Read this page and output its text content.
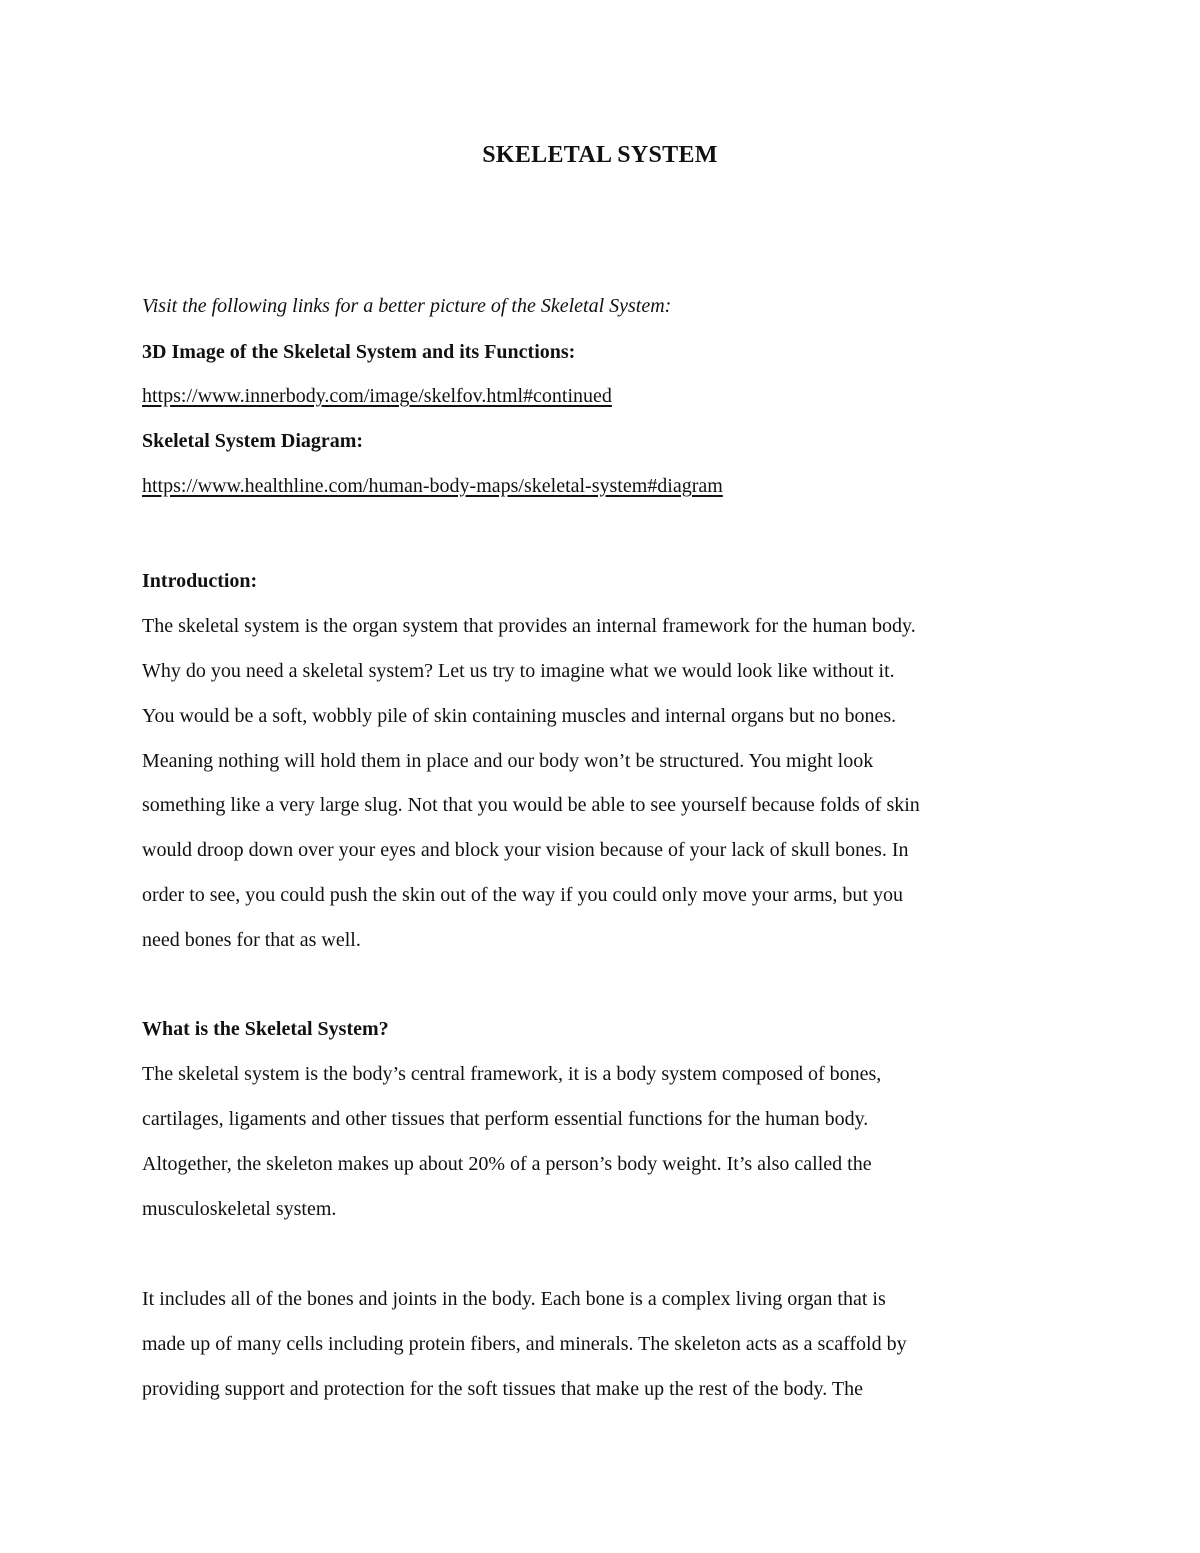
SKELETAL SYSTEM
Visit the following links for a better picture of the Skeletal System:
3D Image of the Skeletal System and its Functions:
https://www.innerbody.com/image/skelfov.html#continued
Skeletal System Diagram:
https://www.healthline.com/human-body-maps/skeletal-system#diagram
Introduction:
The skeletal system is the organ system that provides an internal framework for the human body.
Why do you need a skeletal system? Let us try to imagine what we would look like without it.
You would be a soft, wobbly pile of skin containing muscles and internal organs but no bones.
Meaning nothing will hold them in place and our body won’t be structured. You might look
something like a very large slug. Not that you would be able to see yourself because folds of skin
would droop down over your eyes and block your vision because of your lack of skull bones. In
order to see, you could push the skin out of the way if you could only move your arms, but you
need bones for that as well.
What is the Skeletal System?
The skeletal system is the body’s central framework, it is a body system composed of bones,
cartilages, ligaments and other tissues that perform essential functions for the human body.
Altogether, the skeleton makes up about 20% of a person’s body weight. It’s also called the
musculoskeletal system.
It includes all of the bones and joints in the body. Each bone is a complex living organ that is
made up of many cells including protein fibers, and minerals. The skeleton acts as a scaffold by
providing support and protection for the soft tissues that make up the rest of the body. The
